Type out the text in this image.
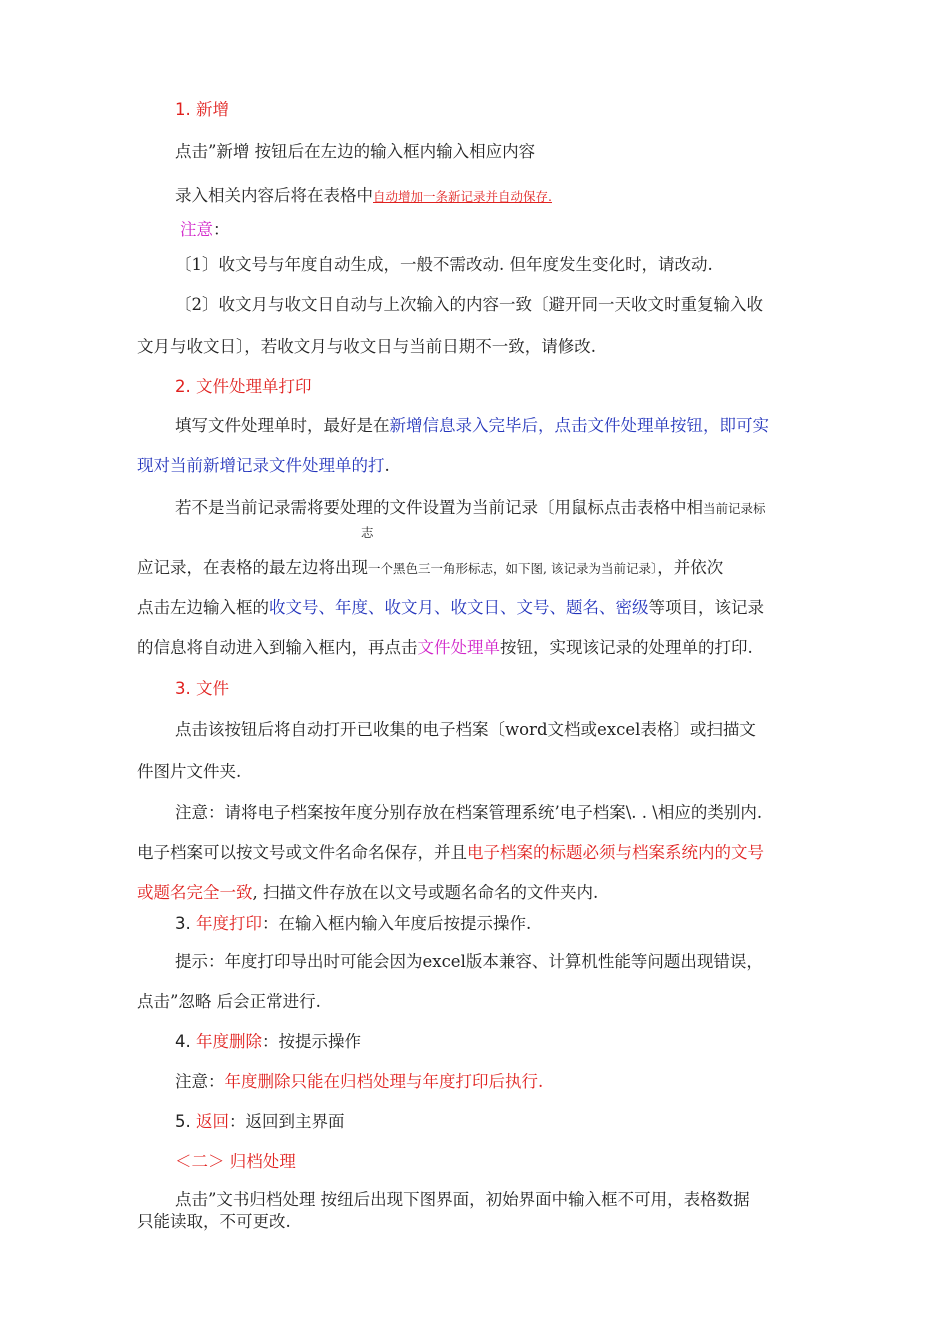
1. 新增
点击”新增 按钮后在左边的输入框内输入相应内容
录入相关内容后将在表格中自动增加一条新记录并自动保存.
注意：
〔1〕收文号与年度自动生成，一般不需改动. 但年度发生变化时，请改动.
〔2〕收文月与收文日自动与上次输入的内容一致〔避开同一天收文时重复输入收
文月与收文日〕，若收文月与收文日与当前日期不一致，请修改.
2. 文件处理单打印
填写文件处理单时，最好是在新增信息录入完毕后，点击文件处理单按钮，即可实
现对当前新增记录文件处理单的打.
若不是当前记录需将要处理的文件设置为当前记录〔用鼠标点击表格中相当前记录标
志
应记录，在表格的最左边将出现一个黑色三一角形标志，如下图, 该记录为当前记录〕，并依次
点击左边输入框的收文号、年度、收文月、收文日、文号、题名、密级等项目，该记录
的信息将自动进入到输入框内，再点击文件处理单按钮，实现该记录的处理单的打印.
3. 文件
点击该按钮后将自动打开已收集的电子档案〔word文档或excel表格〕或扫描文
件图片文件夹.
注意：请将电子档案按年度分别存放在档案管理系统’电子档案\. . \相应的类别内.
电子档案可以按文号或文件名命名保存，并且电子档案的标题必须与档案系统内的文号
或题名完全一致, 扫描文件存放在以文号或题名命名的文件夹内.
3. 年度打印：在输入框内输入年度后按提示操作.
提示：年度打印导出时可能会因为excel版本兼容、计算机性能等问题出现错误，
点击”忽略 后会正常进行.
4. 年度删除：按提示操作
注意：年度删除只能在归档处理与年度打印后执行.
5. 返回：返回到主界面
＜二＞ 归档处理
点击”文书归档处理 按纽后出现下图界面，初始界面中输入框不可用，表格数据
只能读取，不可更改.
